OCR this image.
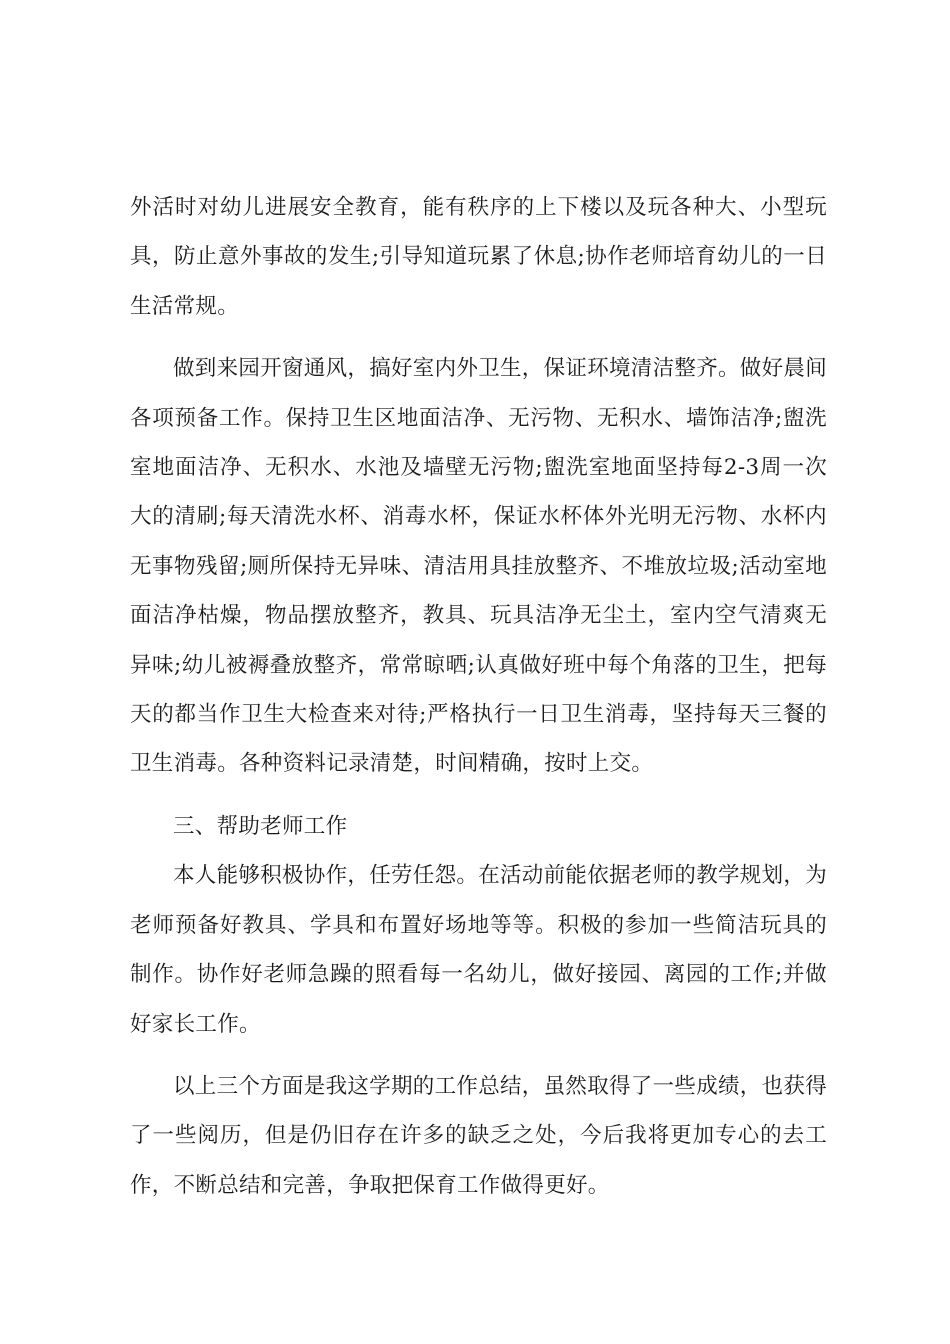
外活时对幼儿进展安全教育，能有秩序的上下楼以及玩各种大、小型玩具，防止意外事故的发生;引导知道玩累了休息;协作老师培育幼儿的一日生活常规。

做到来园开窗通风，搞好室内外卫生，保证环境清洁整齐。做好晨间各项预备工作。保持卫生区地面洁净、无污物、无积水、墙饰洁净;盥洗室地面洁净、无积水、水池及墙壁无污物;盥洗室地面坚持每2-3周一次大的清刷;每天清洗水杯、消毒水杯，保证水杯体外光明无污物、水杯内无事物残留;厕所保持无异味、清洁用具挂放整齐、不堆放垃圾;活动室地面洁净枯燥，物品摆放整齐，教具、玩具洁净无尘土，室内空气清爽无异味;幼儿被褥叠放整齐，常常晾晒;认真做好班中每个角落的卫生，把每天的都当作卫生大检查来对待;严格执行一日卫生消毒，坚持每天三餐的卫生消毒。各种资料记录清楚，时间精确，按时上交。

三、帮助老师工作

本人能够积极协作，任劳任怨。在活动前能依据老师的教学规划，为老师预备好教具、学具和布置好场地等等。积极的参加一些简洁玩具的制作。协作好老师急躁的照看每一名幼儿，做好接园、离园的工作;并做好家长工作。

以上三个方面是我这学期的工作总结，虽然取得了一些成绩，也获得了一些阅历，但是仍旧存在许多的缺乏之处，今后我将更加专心的去工作，不断总结和完善，争取把保育工作做得更好。
